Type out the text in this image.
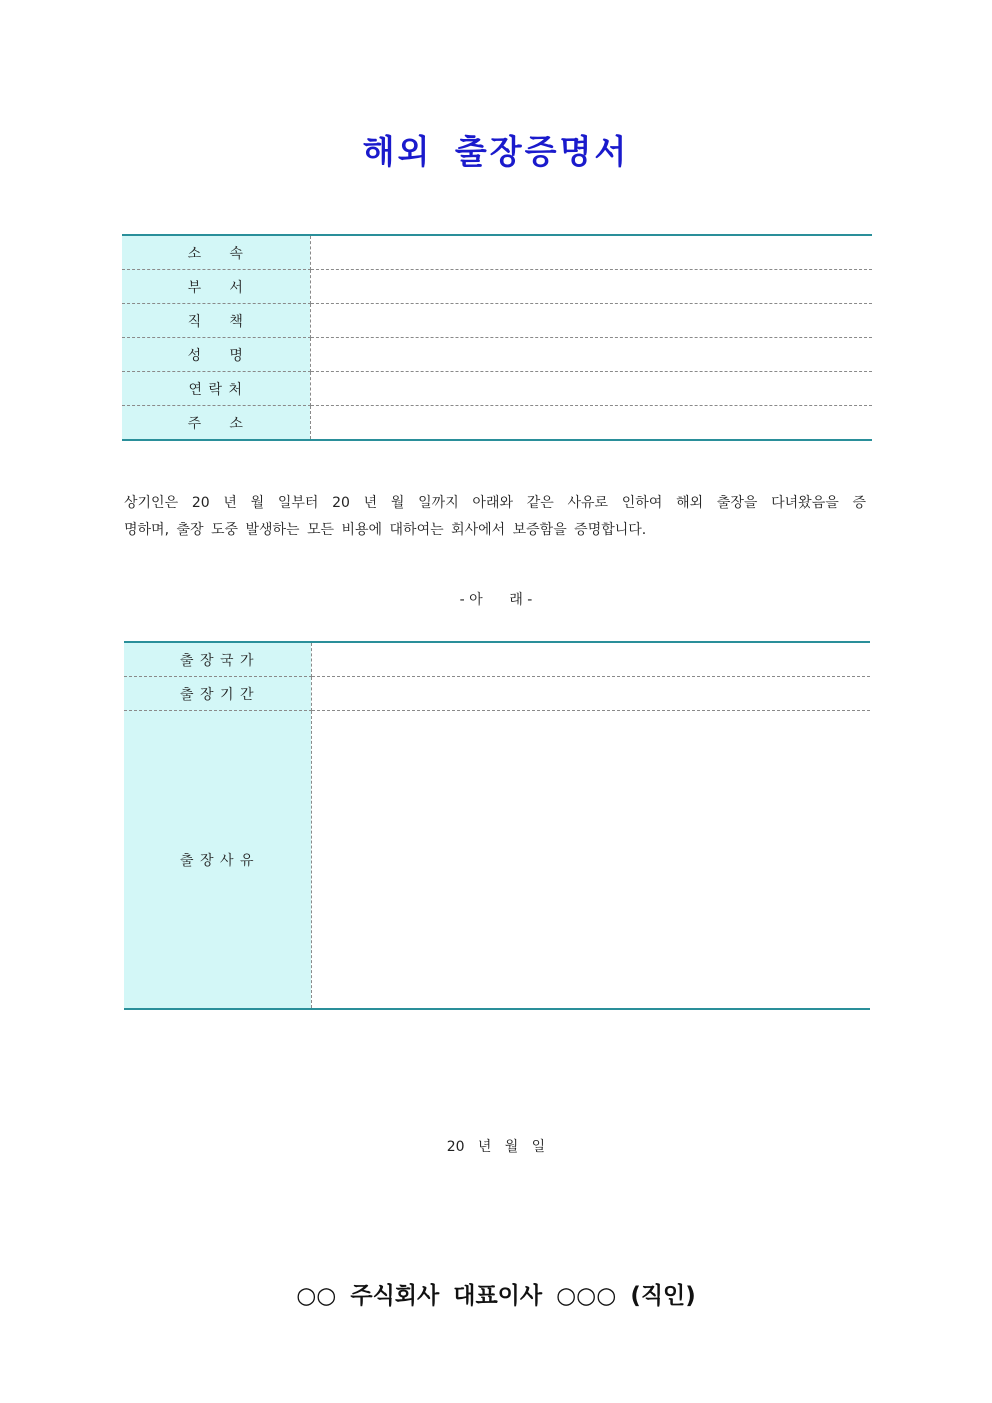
해외 출장증명서
소     속	
부     서	
직     책	
성     명	
연 락 처	
주     소	
상기인은 20 년 월 일부터 20 년 월 일까지 아래와 같은 사유로 인하여 해외 출장을 다녀왔음을 증
명하며, 출장 도중 발생하는 모든 비용에 대하여는 회사에서 보증함을 증명합니다.
- 아      래 -
출 장 국 가	
출 장 기 간	
출 장 사 유	
20   년   월   일
○○ 주식회사 대표이사 ○○○ (직인)
